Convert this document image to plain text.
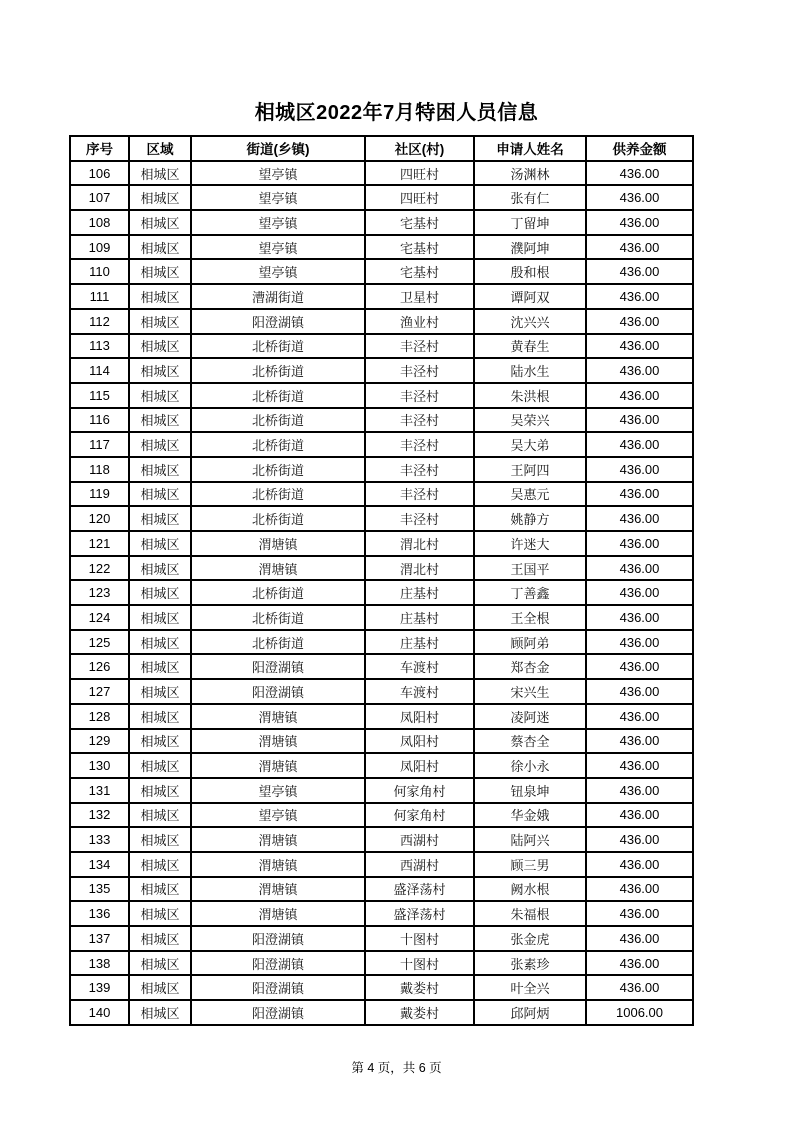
相城区2022年7月特困人员信息
序号	区域	街道(乡镇)	社区(村)	申请人姓名	供养金额
106	相城区	望亭镇	四旺村	汤渊林	436.00
107	相城区	望亭镇	四旺村	张有仁	436.00
108	相城区	望亭镇	宅基村	丁留坤	436.00
109	相城区	望亭镇	宅基村	濮阿坤	436.00
110	相城区	望亭镇	宅基村	殷和根	436.00
111	相城区	漕湖街道	卫星村	谭阿双	436.00
112	相城区	阳澄湖镇	渔业村	沈兴兴	436.00
113	相城区	北桥街道	丰泾村	黄春生	436.00
114	相城区	北桥街道	丰泾村	陆水生	436.00
115	相城区	北桥街道	丰泾村	朱洪根	436.00
116	相城区	北桥街道	丰泾村	吴荣兴	436.00
117	相城区	北桥街道	丰泾村	吴大弟	436.00
118	相城区	北桥街道	丰泾村	王阿四	436.00
119	相城区	北桥街道	丰泾村	吴惠元	436.00
120	相城区	北桥街道	丰泾村	姚静方	436.00
121	相城区	渭塘镇	渭北村	许迷大	436.00
122	相城区	渭塘镇	渭北村	王国平	436.00
123	相城区	北桥街道	庄基村	丁善鑫	436.00
124	相城区	北桥街道	庄基村	王全根	436.00
125	相城区	北桥街道	庄基村	顾阿弟	436.00
126	相城区	阳澄湖镇	车渡村	郑杏金	436.00
127	相城区	阳澄湖镇	车渡村	宋兴生	436.00
128	相城区	渭塘镇	凤阳村	凌阿迷	436.00
129	相城区	渭塘镇	凤阳村	蔡杏全	436.00
130	相城区	渭塘镇	凤阳村	徐小永	436.00
131	相城区	望亭镇	何家角村	钮泉坤	436.00
132	相城区	望亭镇	何家角村	华金娥	436.00
133	相城区	渭塘镇	西湖村	陆阿兴	436.00
134	相城区	渭塘镇	西湖村	顾三男	436.00
135	相城区	渭塘镇	盛泽荡村	阙水根	436.00
136	相城区	渭塘镇	盛泽荡村	朱福根	436.00
137	相城区	阳澄湖镇	十图村	张金虎	436.00
138	相城区	阳澄湖镇	十图村	张素珍	436.00
139	相城区	阳澄湖镇	戴娄村	叶全兴	436.00
140	相城区	阳澄湖镇	戴娄村	邱阿炳	1006.00
第 4 页，共 6 页
